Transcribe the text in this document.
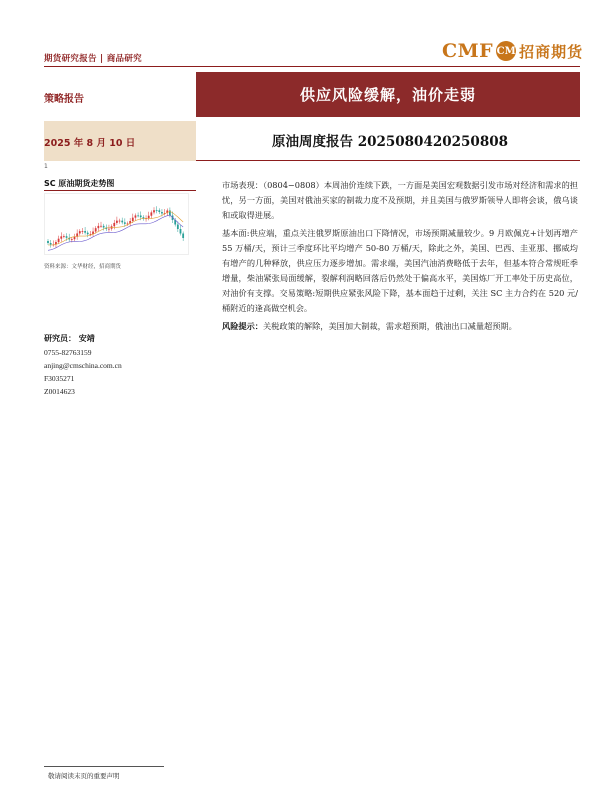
期货研究报告 | 商品研究	CMF CM 招商期货
供应风险缓解，油价走弱
策略报告
2025 年 8 月 10 日	原油周度报告 2025080420250808
1
SC 原油期货走势图
资料来源：文华财经，招商期货
研究员： 安靖
0755-82763159
anjing@cmschina.com.cn
F3035271
Z0014623

市场表现：（0804−0808）本周油价连续下跌，一方面是美国宏观数据引发市场对经济和需求的担忧，另一方面，美国对俄油买家的制裁力度不及预期，并且美国与俄罗斯领导人即将会谈，俄乌谈和或取得进展。

基本面:供应端，重点关注俄罗斯原油出口下降情况，市场预期减量较少。9 月欧佩克+计划再增产 55 万桶/天，预计三季度环比平均增产 50-80 万桶/天，除此之外，美国、巴西、圭亚那、挪威均有增产的几种释放，供应压力逐步增加。需求端，美国汽油消费略低于去年，但基本符合常规旺季增量，柴油紧张局面缓解，裂解利润略回落后仍然处于偏高水平，美国炼厂开工率处于历史高位，对油价有支撑。交易策略:短期供应紧张风险下降，基本面趋于过剩，关注 SC 主力合约在 520 元/桶附近的逢高做空机会。

风险提示：关税政策的解除，美国加大制裁，需求超预期，俄油出口减量超预期。

敬请阅读末页的重要声明
